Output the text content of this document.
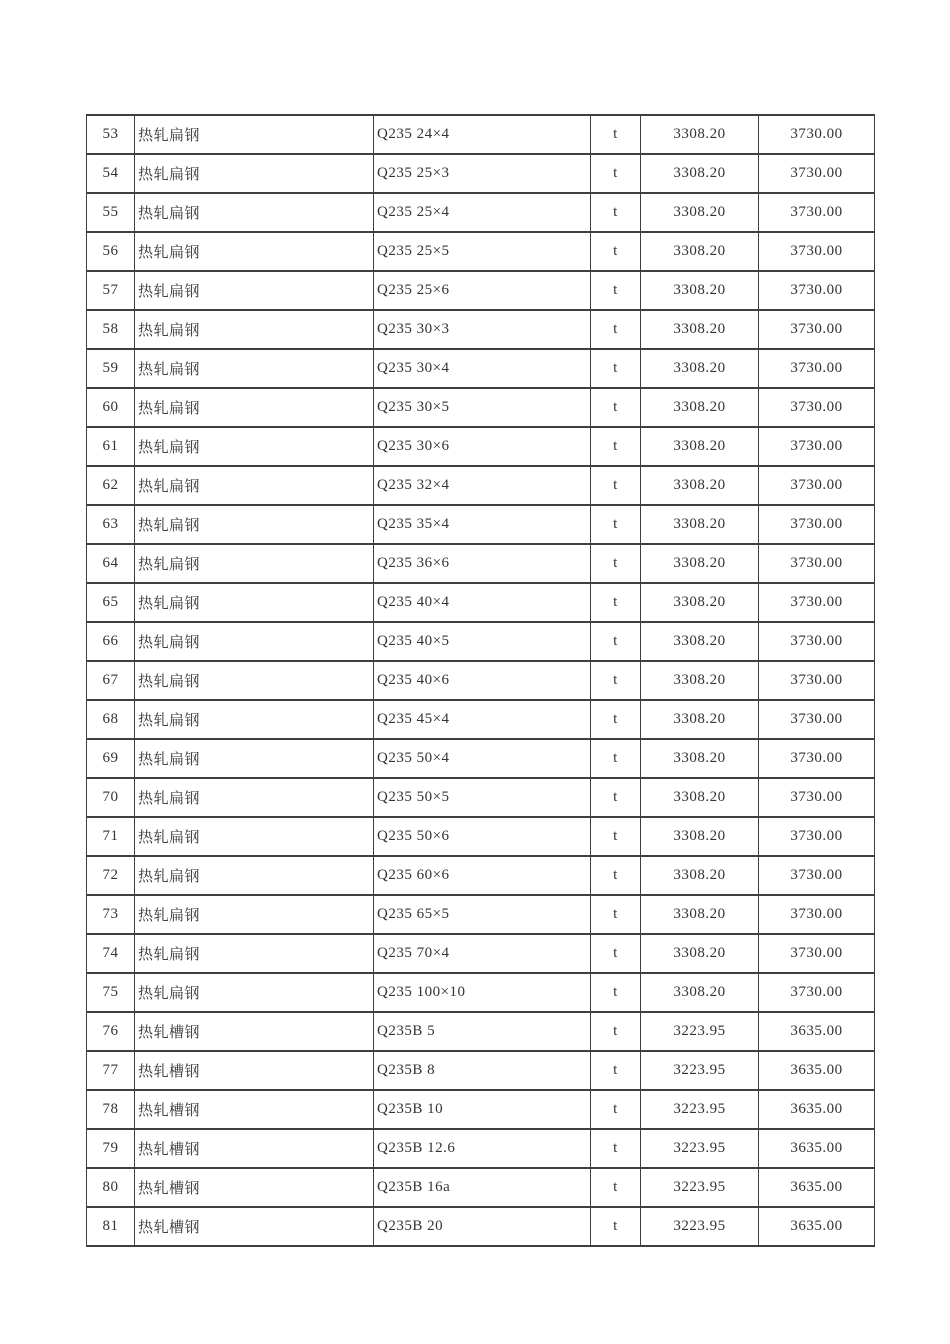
53	热轧扁钢	Q235 24×4	t	3308.20	3730.00
54	热轧扁钢	Q235 25×3	t	3308.20	3730.00
55	热轧扁钢	Q235 25×4	t	3308.20	3730.00
56	热轧扁钢	Q235 25×5	t	3308.20	3730.00
57	热轧扁钢	Q235 25×6	t	3308.20	3730.00
58	热轧扁钢	Q235 30×3	t	3308.20	3730.00
59	热轧扁钢	Q235 30×4	t	3308.20	3730.00
60	热轧扁钢	Q235 30×5	t	3308.20	3730.00
61	热轧扁钢	Q235 30×6	t	3308.20	3730.00
62	热轧扁钢	Q235 32×4	t	3308.20	3730.00
63	热轧扁钢	Q235 35×4	t	3308.20	3730.00
64	热轧扁钢	Q235 36×6	t	3308.20	3730.00
65	热轧扁钢	Q235 40×4	t	3308.20	3730.00
66	热轧扁钢	Q235 40×5	t	3308.20	3730.00
67	热轧扁钢	Q235 40×6	t	3308.20	3730.00
68	热轧扁钢	Q235 45×4	t	3308.20	3730.00
69	热轧扁钢	Q235 50×4	t	3308.20	3730.00
70	热轧扁钢	Q235 50×5	t	3308.20	3730.00
71	热轧扁钢	Q235 50×6	t	3308.20	3730.00
72	热轧扁钢	Q235 60×6	t	3308.20	3730.00
73	热轧扁钢	Q235 65×5	t	3308.20	3730.00
74	热轧扁钢	Q235 70×4	t	3308.20	3730.00
75	热轧扁钢	Q235 100×10	t	3308.20	3730.00
76	热轧槽钢	Q235B 5	t	3223.95	3635.00
77	热轧槽钢	Q235B 8	t	3223.95	3635.00
78	热轧槽钢	Q235B 10	t	3223.95	3635.00
79	热轧槽钢	Q235B 12.6	t	3223.95	3635.00
80	热轧槽钢	Q235B 16a	t	3223.95	3635.00
81	热轧槽钢	Q235B 20	t	3223.95	3635.00
